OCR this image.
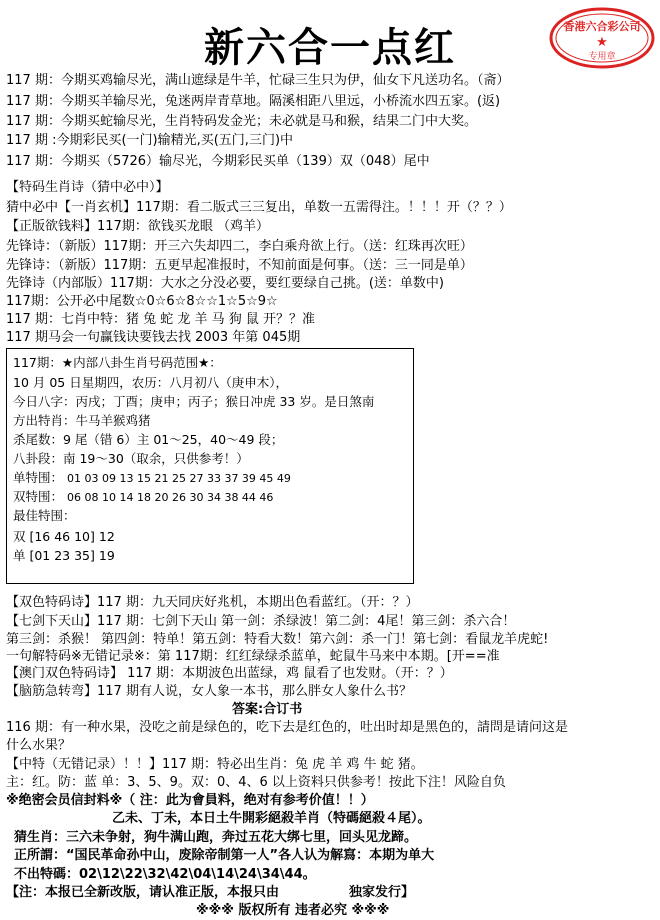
新六合一点红	香港六合彩公司
★
专用章
117 期：今期买鸡输尽光，满山遮绿是牛羊，忙碌三生只为伊，仙女下凡送功名。（斋）
117 期：今期买羊输尽光，兔迷两岸青草地。隔溪相距八里远，小桥流水四五家。(返)
117 期：今期买蛇输尽光，生肖特码发金光；未必就是马和猴，结果二门中大奖。
117 期 :今期彩民买(一门)输精光,买(五门,三门)中
117 期：今期买（5726）输尽光，今期彩民买单（139）双（048）尾中
【特码生肖诗（猜中必中）】
猜中必中【一肖玄机】117期：看二版式三三复出，单数一五需得注。！！！开（？？）
【正版欲钱料】117期：欲钱买龙眼 （鸡羊）
先锋诗：（新版）117期：开三六失却四二，李白乘舟欲上行。（送：红珠再次旺）
先锋诗：（新版）117期：五更早起准报时，不知前面是何事。（送：三一同是单）
先锋诗（内部版）117期：大水之分没必要，要红要绿自己挑。(送：单数中)
117期：公开必中尾数☆0☆6☆8☆☆1☆5☆9☆
117 期：七肖中特：猪 兔 蛇 龙 羊 马 狗 鼠 开？？准
117 期马会一句赢钱诀要钱去找 2003 年第 045期
117期：★内部八卦生肖号码范围★：
10 月 05 日星期四，农历：八月初八（庚申木），
今日八字：丙戌；丁酉；庚申；丙子；猴日冲虎 33 岁。是日煞南
方出特肖：牛马羊猴鸡猪
杀尾数：9 尾（错 6）主 01～25，40～49 段；
八卦段：南 19～30（取余，只供参考！）
单特围： 01 03 09 13 15 21 25 27 33 37 39 45 49
双特围： 06 08 10 14 18 20 26 30 34 38 44 46
最佳特围：
双 [16 46 10] 12
单 [01 23 35] 19
【双色特码诗】117 期：九天同庆好兆机，本期出色看蓝红。（开：？）
【七剑下天山】117 期：七剑下天山 第一剑：杀绿波！第二剑：4尾！第三剑：杀六合！
第三剑：杀猴！ 第四剑：特单！第五剑：特看大数！第六剑：杀一门！第七剑：看鼠龙羊虎蛇!
一句解特码※无错记录※：第 117期：红红绿绿杀蓝单，蛇鼠牛马来中本期。[开==准
【澳门双色特码诗】 117 期：本期波色出蓝绿，鸡 鼠看了也发财。（开：？）
【脑筋急转弯】117 期有人说，女人象一本书，那么胖女人象什么书？
答案:合订书
116 期：有一种水果，没吃之前是绿色的，吃下去是红色的，吐出时却是黑色的，請問是请问这是
什么水果？
【中特（无错记录）！！】117 期：特必出生肖：兔 虎 羊 鸡 牛 蛇 猪。
主：红。防：蓝 单：3、5、9。双：0、4、6 以上资料只供参考！按此下注！风险自负
※绝密会员信封料※（ 注：此为會員料，绝对有参考价值！！）
乙未、丁未，本日土牛開彩絕殺羊肖（特碼絕殺４尾）。
猜生肖：三六未争射，狗牛满山跑，奔过五花大绑七里，回头见龙蹄。
正所謂：“国民革命孙中山，废除帝制第一人”各人认为解寫：本期为单大
不出特碼：02\12\22\32\42\04\14\24\34\44。
【注：本报已全新改版，请认准正版，本报只由	独家发行】
※※※ 版权所有 违者必究 ※※※
